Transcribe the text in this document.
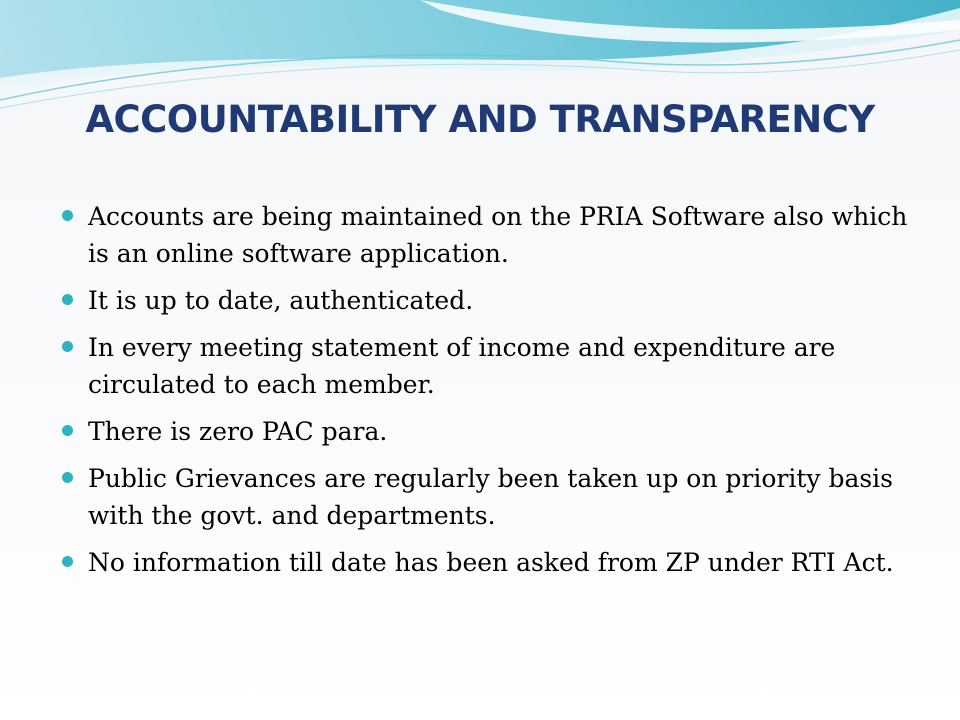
ACCOUNTABILITY AND TRANSPARENCY
Accounts are being maintained on the PRIA Software also which is an online software application.
It is up to date, authenticated.
In every meeting statement of income and expenditure are circulated to each member.
There is zero PAC para.
Public Grievances are regularly been taken up on priority basis with the govt. and departments.
No information till date has been asked from ZP under RTI Act.
